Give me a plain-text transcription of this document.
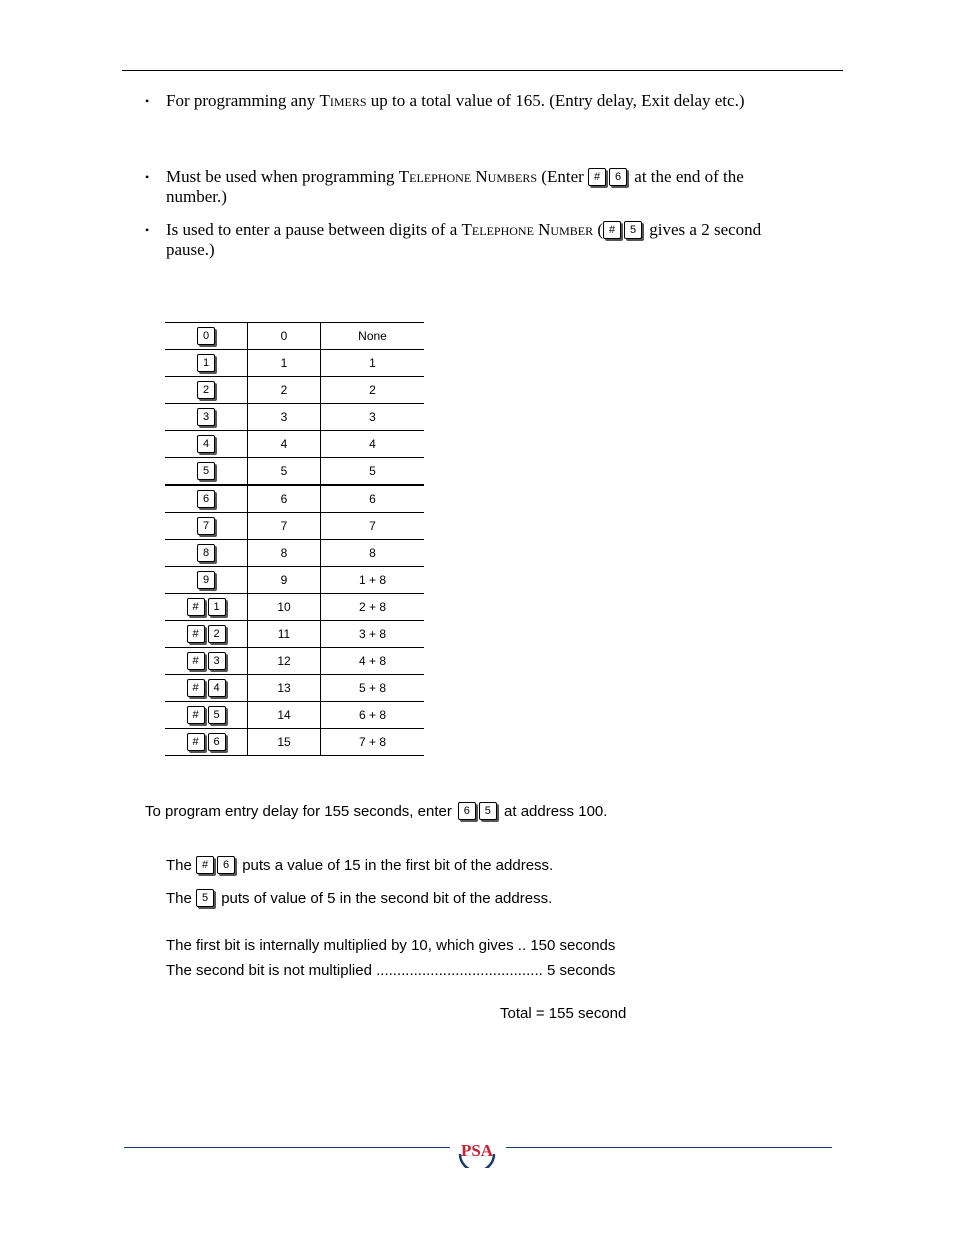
• For programming any Timers up to a total value of 165. (Entry delay, Exit delay etc.)
• Must be used when programming Telephone Numbers (Enter # 6 at the end of the
number.)
• Is used to enter a pause between digits of a Telephone Number ( # 5 gives a 2 second
pause.)
0	0	None
1	1	1
2	2	2
3	3	3
4	4	4
5	5	5
6	6	6
7	7	7
8	8	8
9	9	1 + 8
# 1	10	2 + 8
# 2	11	3 + 8
# 3	12	4 + 8
# 4	13	5 + 8
# 5	14	6 + 8
# 6	15	7 + 8
To program entry delay for 155 seconds, enter 6 5 at address 100.
The # 6 puts a value of 15 in the first bit of the address.
The 5 puts of value of 5 in the second bit of the address.
The first bit is internally multiplied by 10, which gives .. 150 seconds
The second bit is not multiplied ........................................ 5 seconds
Total = 155 second
PSA
